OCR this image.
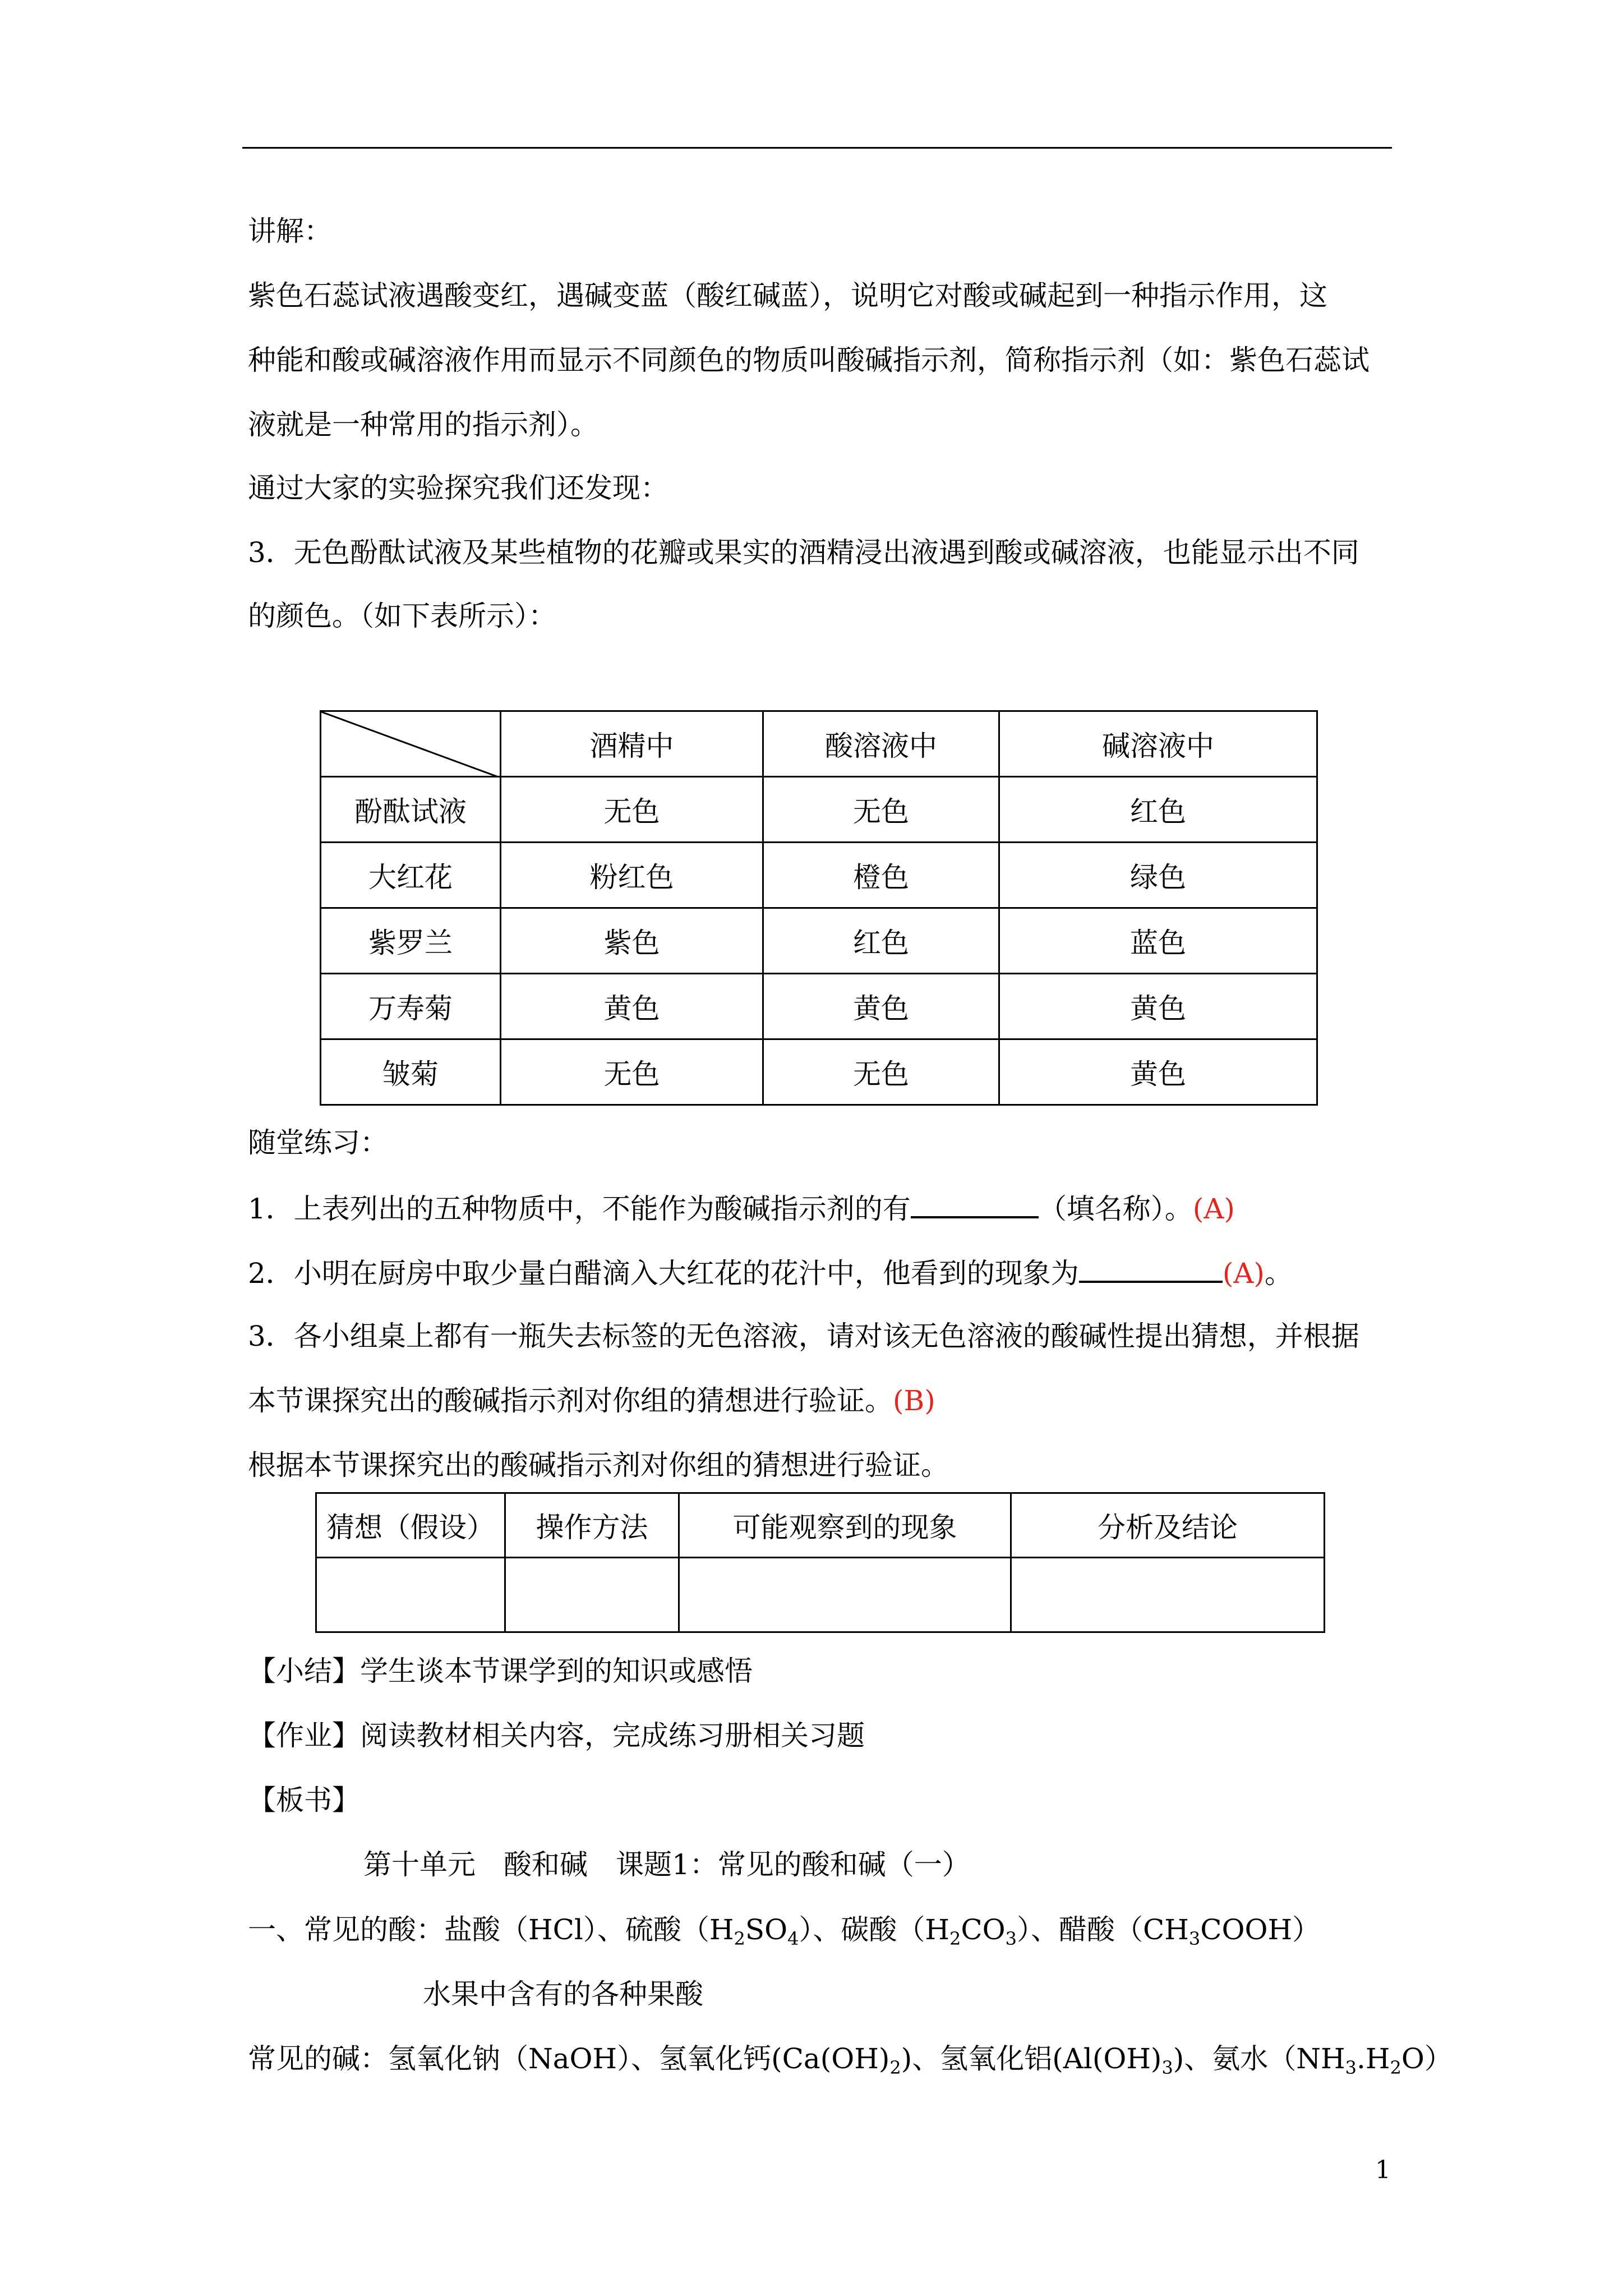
讲解：
紫色石蕊试液遇酸变红，遇碱变蓝（酸红碱蓝），说明它对酸或碱起到一种指示作用，这
种能和酸或碱溶液作用而显示不同颜色的物质叫酸碱指示剂，简称指示剂（如：紫色石蕊试
液就是一种常用的指示剂）。
通过大家的实验探究我们还发现：
3．无色酚酞试液及某些植物的花瓣或果实的酒精浸出液遇到酸或碱溶液，也能显示出不同
的颜色。（如下表所示）：
	酒精中	酸溶液中	碱溶液中
酚酞试液	无色	无色	红色
大红花	粉红色	橙色	绿色
紫罗兰	紫色	红色	蓝色
万寿菊	黄色	黄色	黄色
皱菊	无色	无色	黄色
随堂练习：
1．上表列出的五种物质中，不能作为酸碱指示剂的有	（填名称）。(A)
2．小明在厨房中取少量白醋滴入大红花的花汁中，他看到的现象为	(A)。
3．各小组桌上都有一瓶失去标签的无色溶液，请对该无色溶液的酸碱性提出猜想，并根据
本节课探究出的酸碱指示剂对你组的猜想进行验证。(B)
根据本节课探究出的酸碱指示剂对你组的猜想进行验证。
猜想（假设）	操作方法	可能观察到的现象	分析及结论

【小结】学生谈本节课学到的知识或感悟
【作业】阅读教材相关内容，完成练习册相关习题
【板书】
第十单元　酸和碱　课题1：常见的酸和碱（一）
一、常见的酸：盐酸（HCl）、硫酸$(H_2SO_4)$、碳酸$(H_2CO_3)$、醋酸$(CH_3COOH)$
水果中含有的各种果酸
常见的碱：氢氧化钠（NaOH）、氢氧化钙$(Ca(OH)_2)$、氢氧化铝$(Al(OH)_3)$、氨水$(NH_3.H_2O)$
1
